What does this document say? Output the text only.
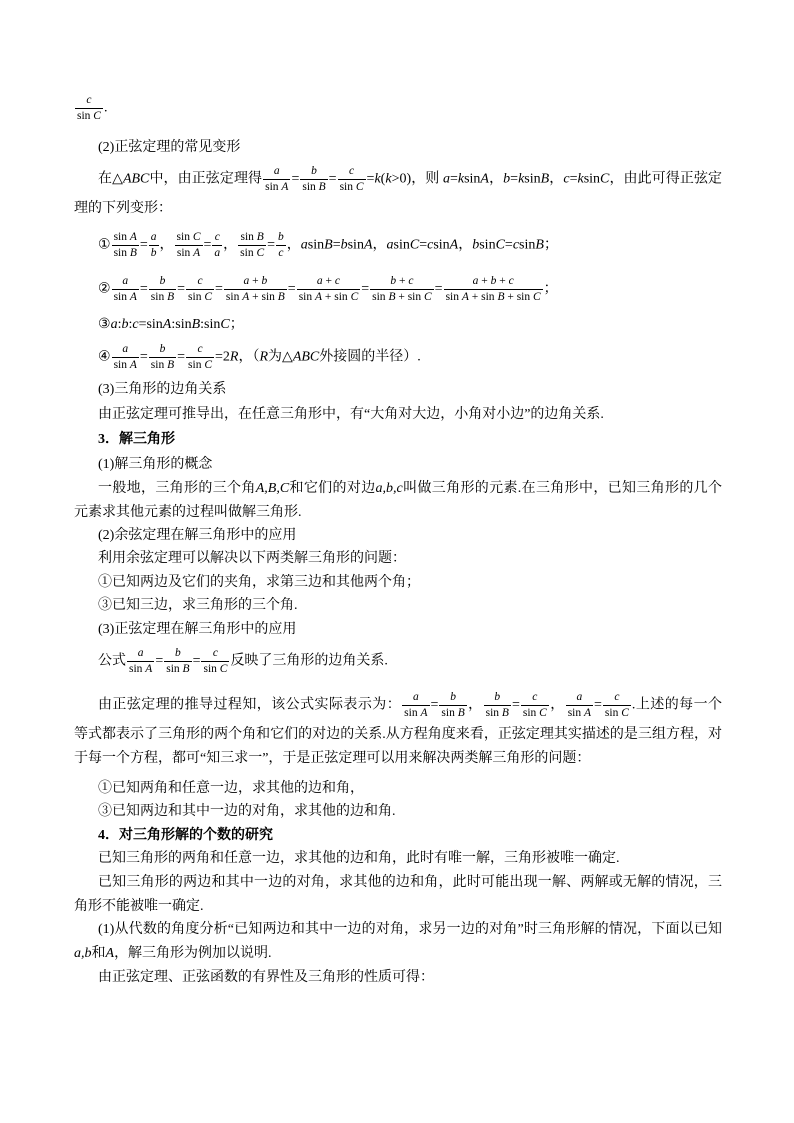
$\frac{c}{\text{sin C}}$ .
(2)正弦定理的常见变形
在△ABC中，由正弦定理得 $\frac{a}{\text{sin A}} = \frac{b}{\text{sin B}} = \frac{c}{\text{sin C}} =k(k>0)$，则 a=ksinA，b=ksinB，c=ksinC，由此可得正弦定理的下列变形：
① $\frac{\text{sin A}}{\text{sin B}} = \frac{a}{b}$ ， $\frac{\text{sin C}}{\text{sin A}} = \frac{c}{a}$ ， $\frac{\text{sin B}}{\text{sin C}} = \frac{b}{c}$ ，asinB=bsinA，asinC=csinA，bsinC=csinB；
② $\frac{a}{\text{sin A}} = \frac{b}{\text{sin B}} = \frac{c}{\text{sin C}} = \frac{a + b}{\text{sin A + sin B}} = \frac{a + c}{\text{sin A + sin C}} = \frac{b + c}{\text{sin B + sin C}} = \frac{a + b + c}{\text{sin A + sin B + sin C}}$ ；
③a:b:c=sinA:sinB:sinC；
④ $\frac{a}{\text{sin A}} = \frac{b}{\text{sin B}} = \frac{c}{\text{sin C}} =2R$，（R为△ABC外接圆的半径）.
(3)三角形的边角关系
由正弦定理可推导出，在任意三角形中，有“大角对大边，小角对小边”的边角关系.
3．解三角形
(1)解三角形的概念
一般地，三角形的三个角A,B,C和它们的对边a,b,c叫做三角形的元素.在三角形中，已知三角形的几个元素求其他元素的过程叫做解三角形.
(2)余弦定理在解三角形中的应用
利用余弦定理可以解决以下两类解三角形的问题：
①已知两边及它们的夹角，求第三边和其他两个角；
③已知三边，求三角形的三个角.
(3)正弦定理在解三角形中的应用
公式 $\frac{a}{\text{sin A}} = \frac{b}{\text{sin B}} = \frac{c}{\text{sin C}}$ 反映了三角形的边角关系.
由正弦定理的推导过程知，该公式实际表示为： $\frac{a}{\text{sin A}} = \frac{b}{\text{sin B}}$ ， $\frac{b}{\text{sin B}} = \frac{c}{\text{sin C}}$ ， $\frac{a}{\text{sin A}} = \frac{c}{\text{sin C}}$ .上述的每一个等式都表示了三角形的两个角和它们的对边的关系.从方程角度来看，正弦定理其实描述的是三组方程，对于每一个方程，都可“知三求一”，于是正弦定理可以用来解决两类解三角形的问题：
①已知两角和任意一边，求其他的边和角，
③已知两边和其中一边的对角，求其他的边和角.
4．对三角形解的个数的研究
已知三角形的两角和任意一边，求其他的边和角，此时有唯一解，三角形被唯一确定.
已知三角形的两边和其中一边的对角，求其他的边和角，此时可能出现一解、两解或无解的情况，三角形不能被唯一确定.
(1)从代数的角度分析“已知两边和其中一边的对角，求另一边的对角”时三角形解的情况，下面以已知a,b和A，解三角形为例加以说明.
由正弦定理、正弦函数的有界性及三角形的性质可得：
